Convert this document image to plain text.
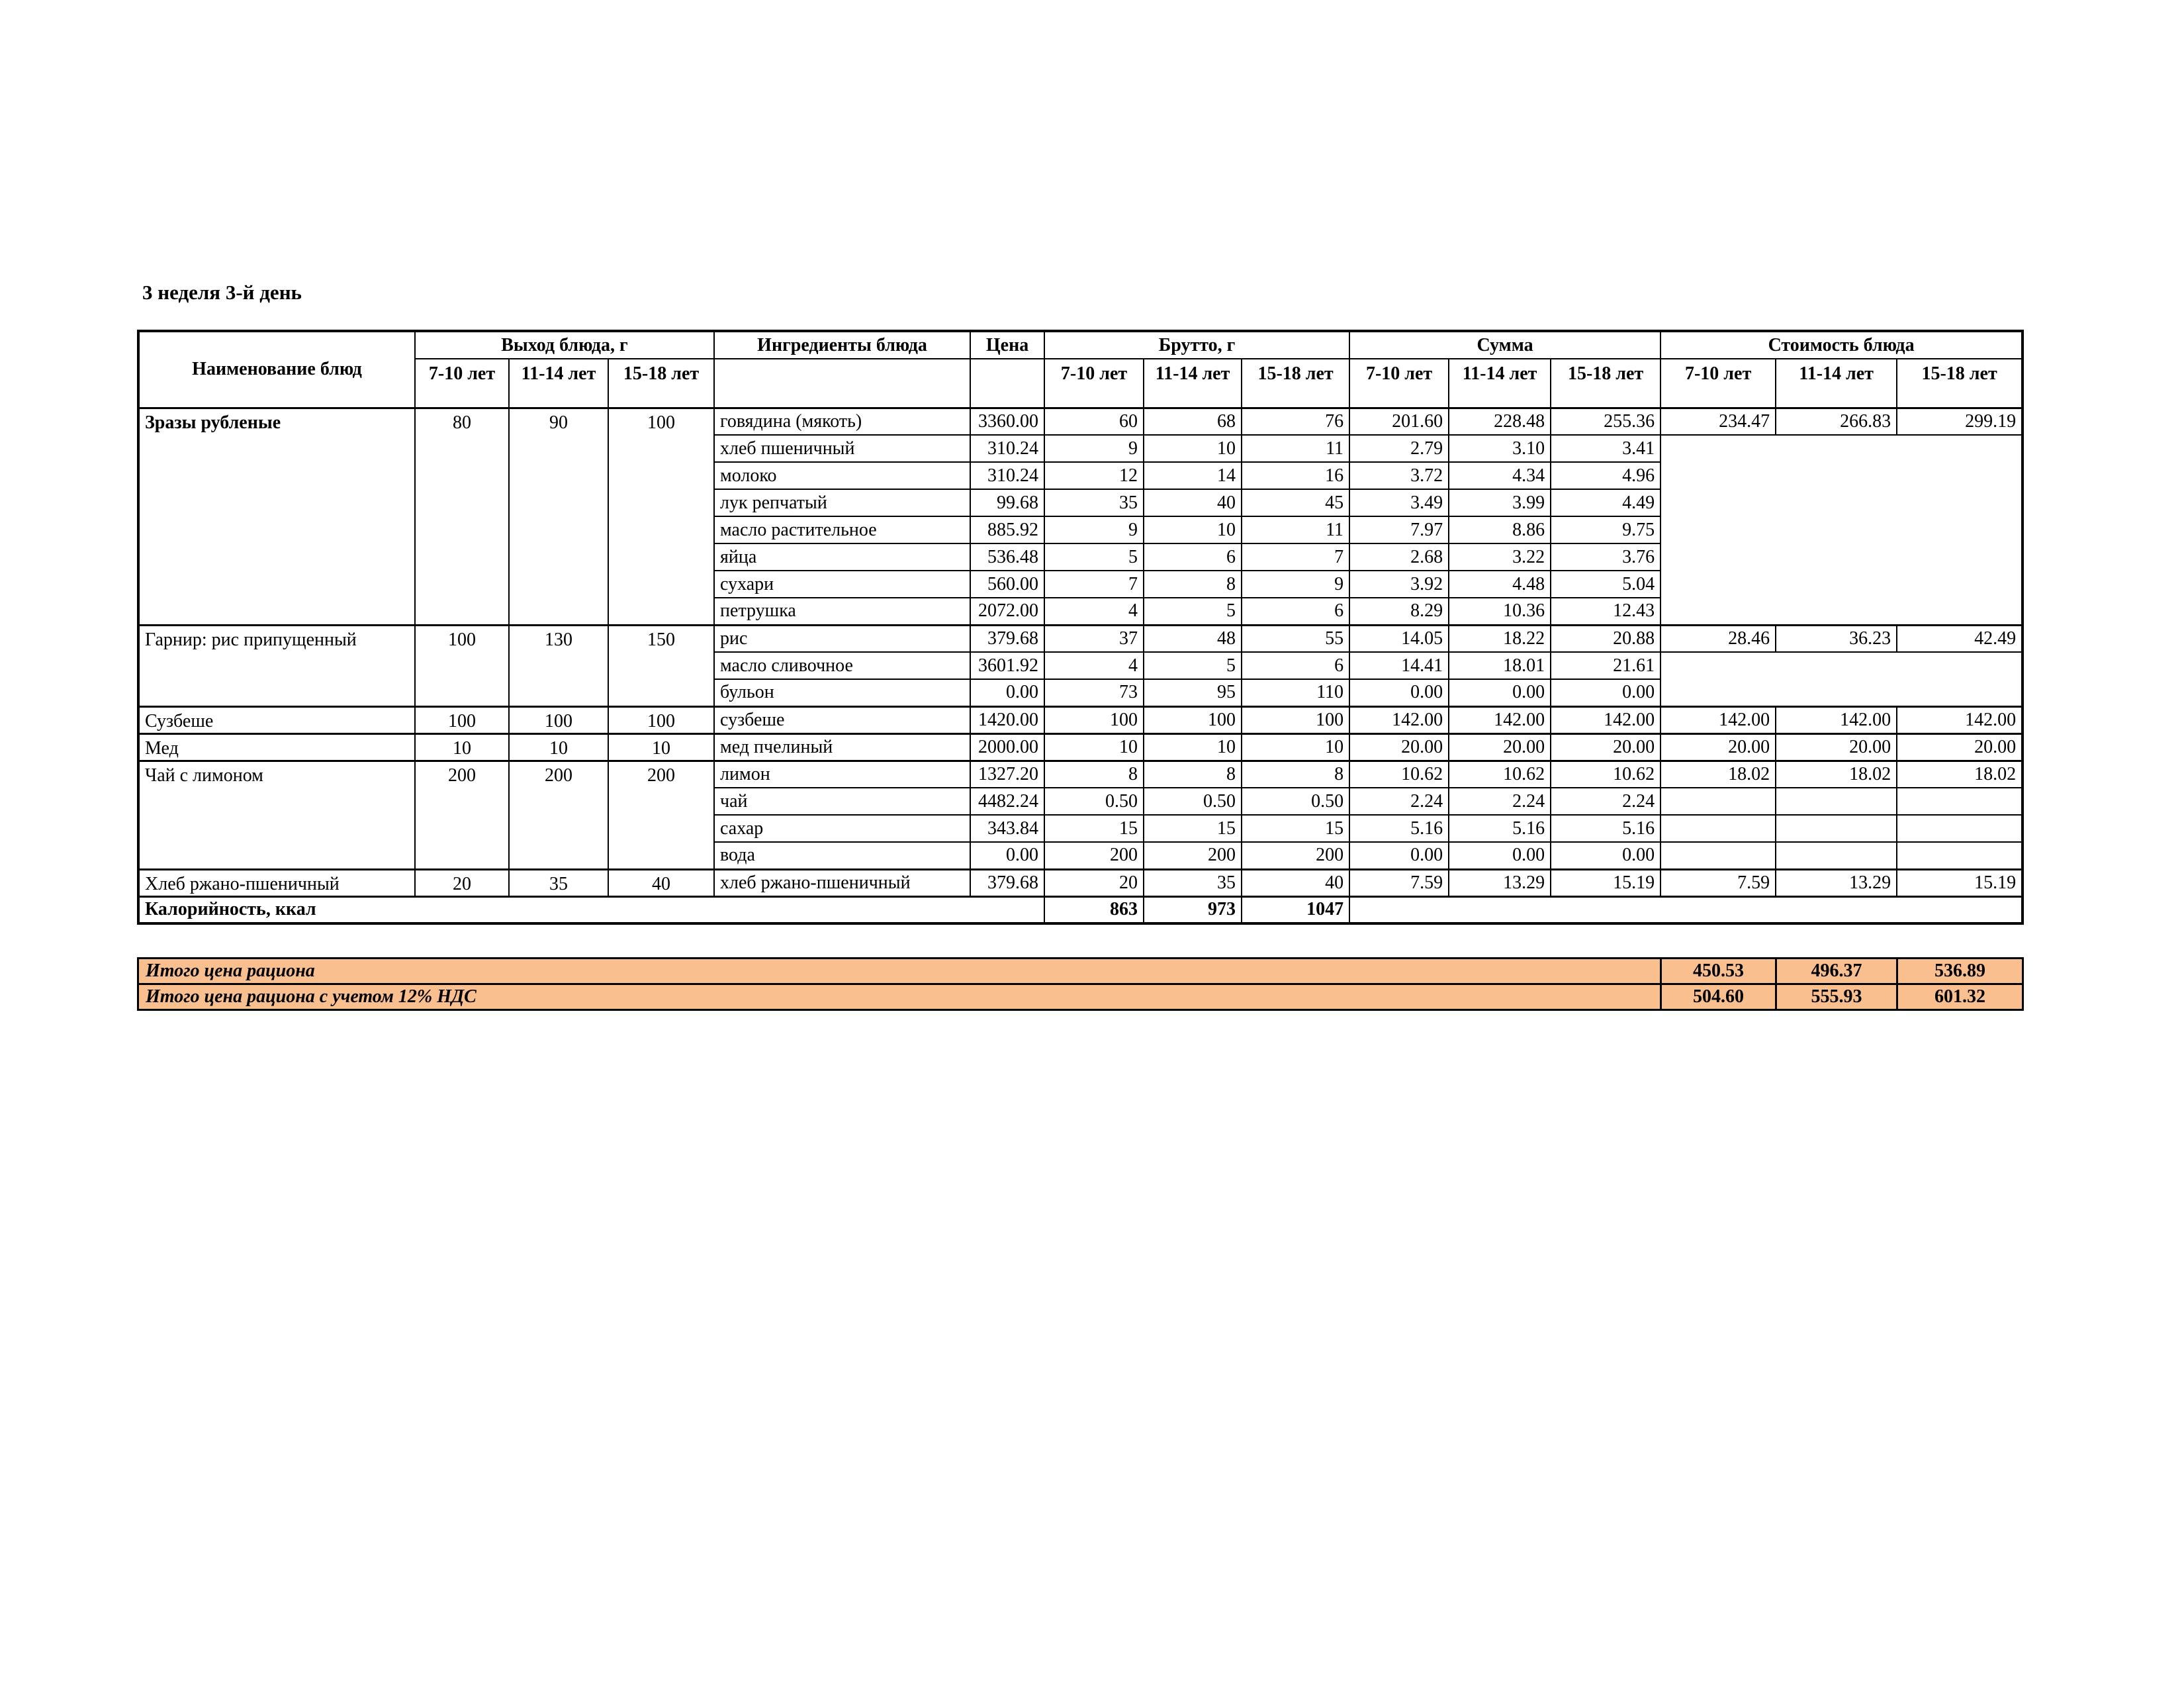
3 неделя 3-й день
Наименование блюд	Выход блюда, г			Ингредиенты блюда	Цена	Брутто, г			Сумма			Стоимость блюда		
	7-10 лет	11-14 лет	15-18 лет			7-10 лет	11-14 лет	15-18 лет	7-10 лет	11-14 лет	15-18 лет	7-10 лет	11-14 лет	15-18 лет
Зразы рубленые	80	90	100	говядина (мякоть)	3360.00	60	68	76	201.60	228.48	255.36	234.47	266.83	299.19
				хлеб пшеничный	310.24	9	10	11	2.79	3.10	3.41			
				молоко	310.24	12	14	16	3.72	4.34	4.96			
				лук репчатый	99.68	35	40	45	3.49	3.99	4.49			
				масло растительное	885.92	9	10	11	7.97	8.86	9.75			
				яйца	536.48	5	6	7	2.68	3.22	3.76			
				сухари	560.00	7	8	9	3.92	4.48	5.04			
				петрушка	2072.00	4	5	6	8.29	10.36	12.43			
Гарнир: рис припущенный	100	130	150	рис	379.68	37	48	55	14.05	18.22	20.88	28.46	36.23	42.49
				масло сливочное	3601.92	4	5	6	14.41	18.01	21.61			
				бульон	0.00	73	95	110	0.00	0.00	0.00			
Сузбеше	100	100	100	сузбеше	1420.00	100	100	100	142.00	142.00	142.00	142.00	142.00	142.00
Мед	10	10	10	мед пчелиный	2000.00	10	10	10	20.00	20.00	20.00	20.00	20.00	20.00
Чай с лимоном	200	200	200	лимон	1327.20	8	8	8	10.62	10.62	10.62	18.02	18.02	18.02
				чай	4482.24	0.50	0.50	0.50	2.24	2.24	2.24			
				сахар	343.84	15	15	15	5.16	5.16	5.16			
				вода	0.00	200	200	200	0.00	0.00	0.00			
Хлеб ржано-пшеничный	20	35	40	хлеб ржано-пшеничный	379.68	20	35	40	7.59	13.29	15.19	7.59	13.29	15.19
Калорийность, ккал						863	973	1047						
Итого цена рациона	450.53	496.37	536.89
Итого цена рациона с учетом 12% НДС	504.60	555.93	601.32
